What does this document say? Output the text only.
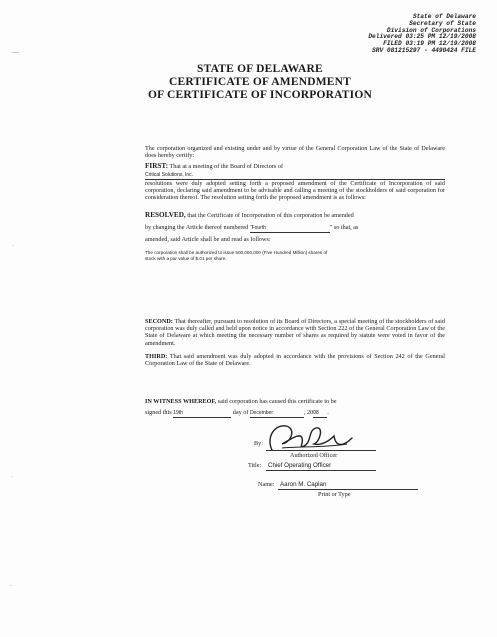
·—
·
·
`
State of Delaware
Secretary of State
Division of Corporations
Delivered 03:25 PM 12/19/2008
FILED 03:19 PM 12/19/2008
SRV 081215297 - 4490424 FILE
STATE OF DELAWARE
CERTIFICATE OF AMENDMENT
OF CERTIFICATE OF INCORPORATION
The corporation organized and existing under and by virtue of the General Corporation Law of the State of Delaware does hereby certify:
FIRST: That at a meeting of the Board of Directors of
Critical Solutions, Inc.
resolutions were duly adopted setting forth a proposed amendment of the Certificate of Incorporation of said corporation, declaring said amendment to be advisable and calling a meeting of the stockholders of said corporation for consideration thereof. The resolution setting forth the proposed amendment is as follows:
RESOLVED, that the Certificate of Incorporation of this corporation be amended
by changing the Article thereof numbered "Fourth	" so that, as
amended, said Article shall be and read as follows:
The corporation shall be authorized to issue 500,000,000 (Five Hundred Million) shares of stock with a par value of $.01 per share.
SECOND: That thereafter, pursuant to resolution of its Board of Directors, a special meeting of the stockholders of said corporation was duly called and held upon notice in accordance with Section 222 of the General Corporation Law of the State of Delaware at which meeting the necessary number of shares as required by statute were voted in favor of the amendment.
THIRD: That said amendment was duly adopted in accordance with the provisions of Section 242 of the General Corporation Law of the State of Delaware.
IN WITNESS WHEREOF, said corporation has caused this certificate to be
signed this 19th	day of December	, 2008 .
By:
Authorized Officer
Title: Chief Operating Officer
Name: Aaron M. Caplan
Print or Type
